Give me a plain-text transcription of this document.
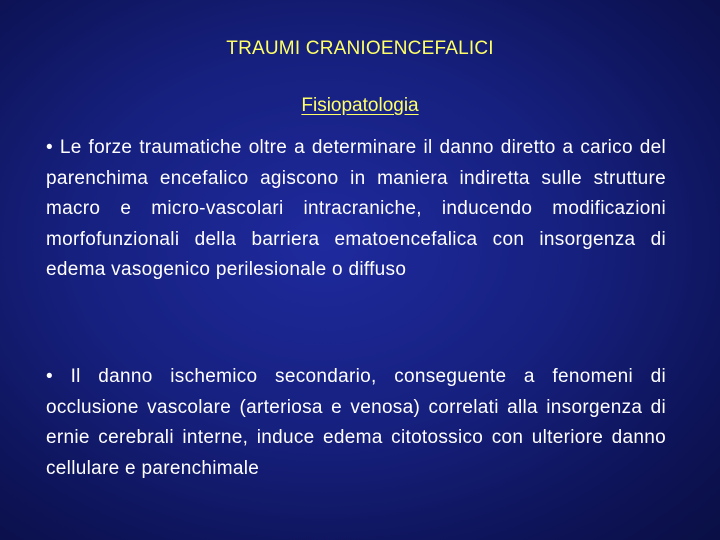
TRAUMI CRANIOENCEFALICI
Fisiopatologia

• Le forze traumatiche oltre a determinare il danno diretto a carico del parenchima encefalico agiscono in maniera indiretta sulle strutture macro e micro-vascolari intracraniche, inducendo modificazioni morfofunzionali della barriera ematoencefalica con insorgenza di edema vasogenico perilesionale o diffuso

• Il danno ischemico secondario, conseguente a fenomeni di occlusione vascolare (arteriosa e venosa) correlati alla insorgenza di ernie cerebrali interne, induce edema citotossico con ulteriore danno cellulare e parenchimale
